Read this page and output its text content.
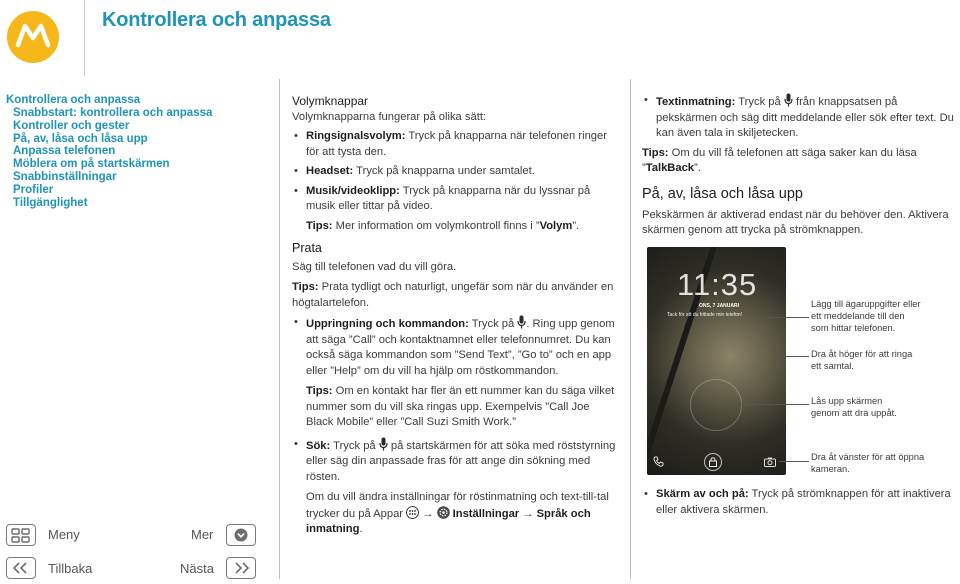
Kontrollera och anpassa
Kontrollera och anpassa
Snabbstart: kontrollera och anpassa
Kontroller och gester
På, av, låsa och låsa upp
Anpassa telefonen
Möblera om på startskärmen
Snabbinställningar
Profiler
Tillgänglighet
Meny	Mer
Tillbaka	Nästa

Volymknappar

Volymknapparna fungerar på olika sätt:

• Ringsignalsvolym: Tryck på knapparna när telefonen ringer för att tysta den.

• Headset: Tryck på knapparna under samtalet.

• Musik/videoklipp: Tryck på knapparna när du lyssnar på musik eller tittar på video.

Tips: Mer information om volymkontroll finns i ”Volym”.

Prata

Säg till telefonen vad du vill göra.

Tips: Prata tydligt och naturligt, ungefär som när du använder en högtalartelefon.

• Uppringning och kommandon: Tryck på . Ring upp genom att säga ”Call” och kontaktnamnet eller telefonnumret. Du kan också säga kommandon som ”Send Text”, ”Go to” och en app eller ”Help” om du vill ha hjälp om röstkommandon.

Tips: Om en kontakt har fler än ett nummer kan du säga vilket nummer som du vill ska ringas upp. Exempelvis ”Call Joe Black Mobile” eller ”Call Suzi Smith Work.”

• Sök: Tryck på  på startskärmen för att söka med röststyrning eller säg din anpassade fras för att ange din sökning med rösten.

Om du vill ändra inställningar för röstinmatning och text-till-tal trycker du på Appar  →  Inställningar → Språk och inmatning.

• Textinmatning: Tryck på  från knappsatsen på pekskärmen och säg ditt meddelande eller sök efter text. Du kan även tala in skiljetecken.

Tips: Om du vill få telefonen att säga saker kan du läsa ”TalkBack”.

På, av, låsa och låsa upp

Pekskärmen är aktiverad endast när du behöver den. Aktivera skärmen genom att trycka på strömknappen.

11:35
ONS, 7 JANUARI
Tack för att du hittade min telefon!
Lägg till ägaruppgifter eller ett meddelande till den som hittar telefonen.
Dra åt höger för att ringa ett samtal.
Lås upp skärmen genom att dra uppåt.
Dra åt vänster för att öppna kameran.

• Skärm av och på: Tryck på strömknappen för att inaktivera eller aktivera skärmen.
